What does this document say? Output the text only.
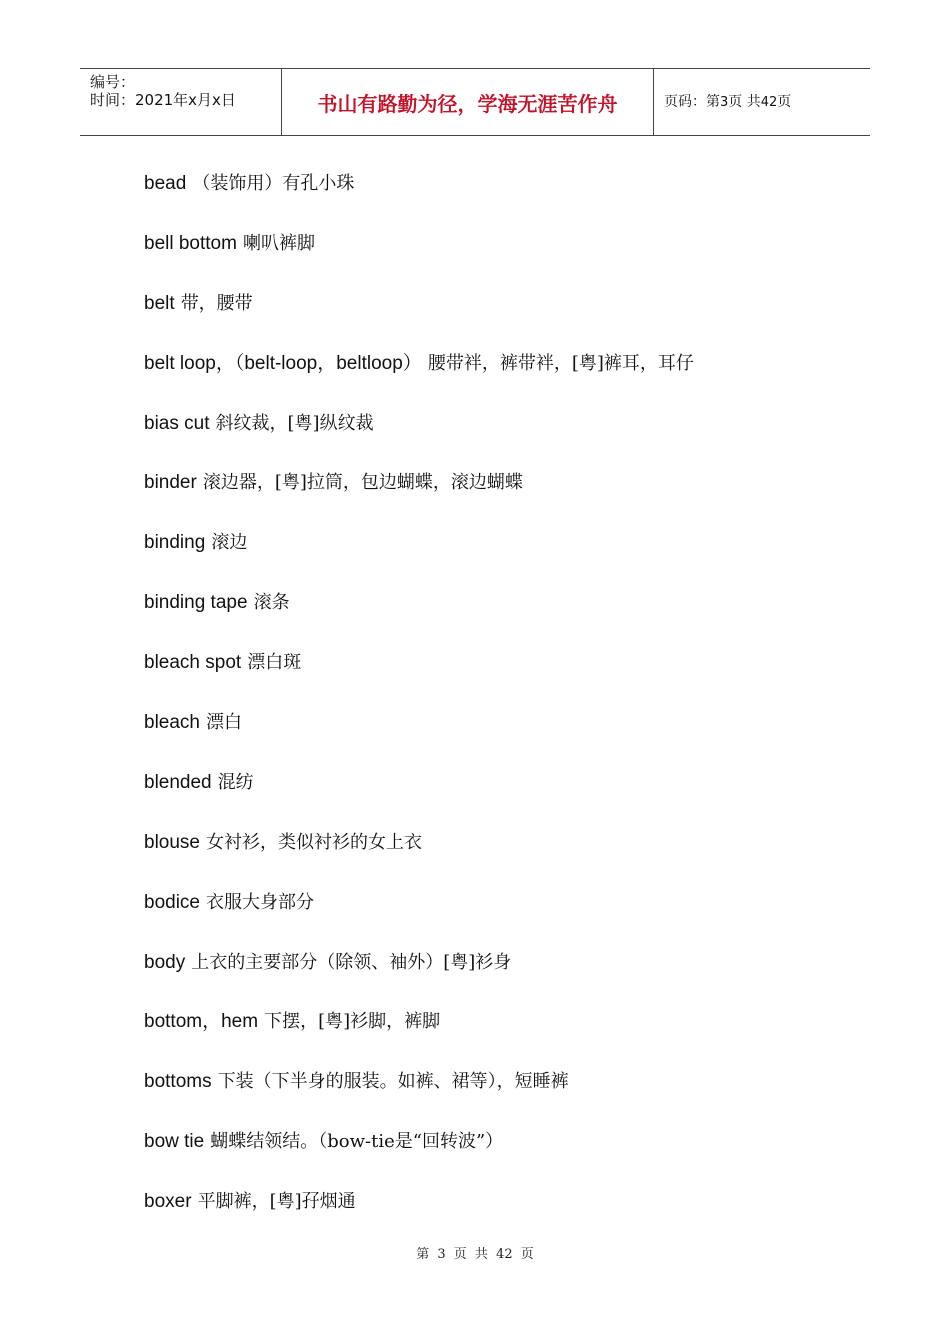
编号：
时间：2021年x月x日	书山有路勤为径，学海无涯苦作舟	页码：第3页 共42页
bead （装饰用）有孔小珠
bell bottom 喇叭裤脚
belt 带，腰带
belt loop，（belt-loop，beltloop） 腰带袢，裤带袢，[粤]裤耳，耳仔
bias cut 斜纹裁，[粤]纵纹裁
binder 滚边器，[粤]拉筒，包边蝴蝶，滚边蝴蝶
binding 滚边
binding tape 滚条
bleach spot 漂白斑
bleach 漂白
blended 混纺
blouse 女衬衫，类似衬衫的女上衣
bodice 衣服大身部分
body 上衣的主要部分（除领、袖外）[粤]衫身
bottom，hem 下摆，[粤]衫脚，裤脚
bottoms 下装（下半身的服装。如裤、裙等），短睡裤
bow tie 蝴蝶结领结。（bow-tie是“回转波”）
boxer 平脚裤，[粤]孖烟通
第 3 页 共 42 页
